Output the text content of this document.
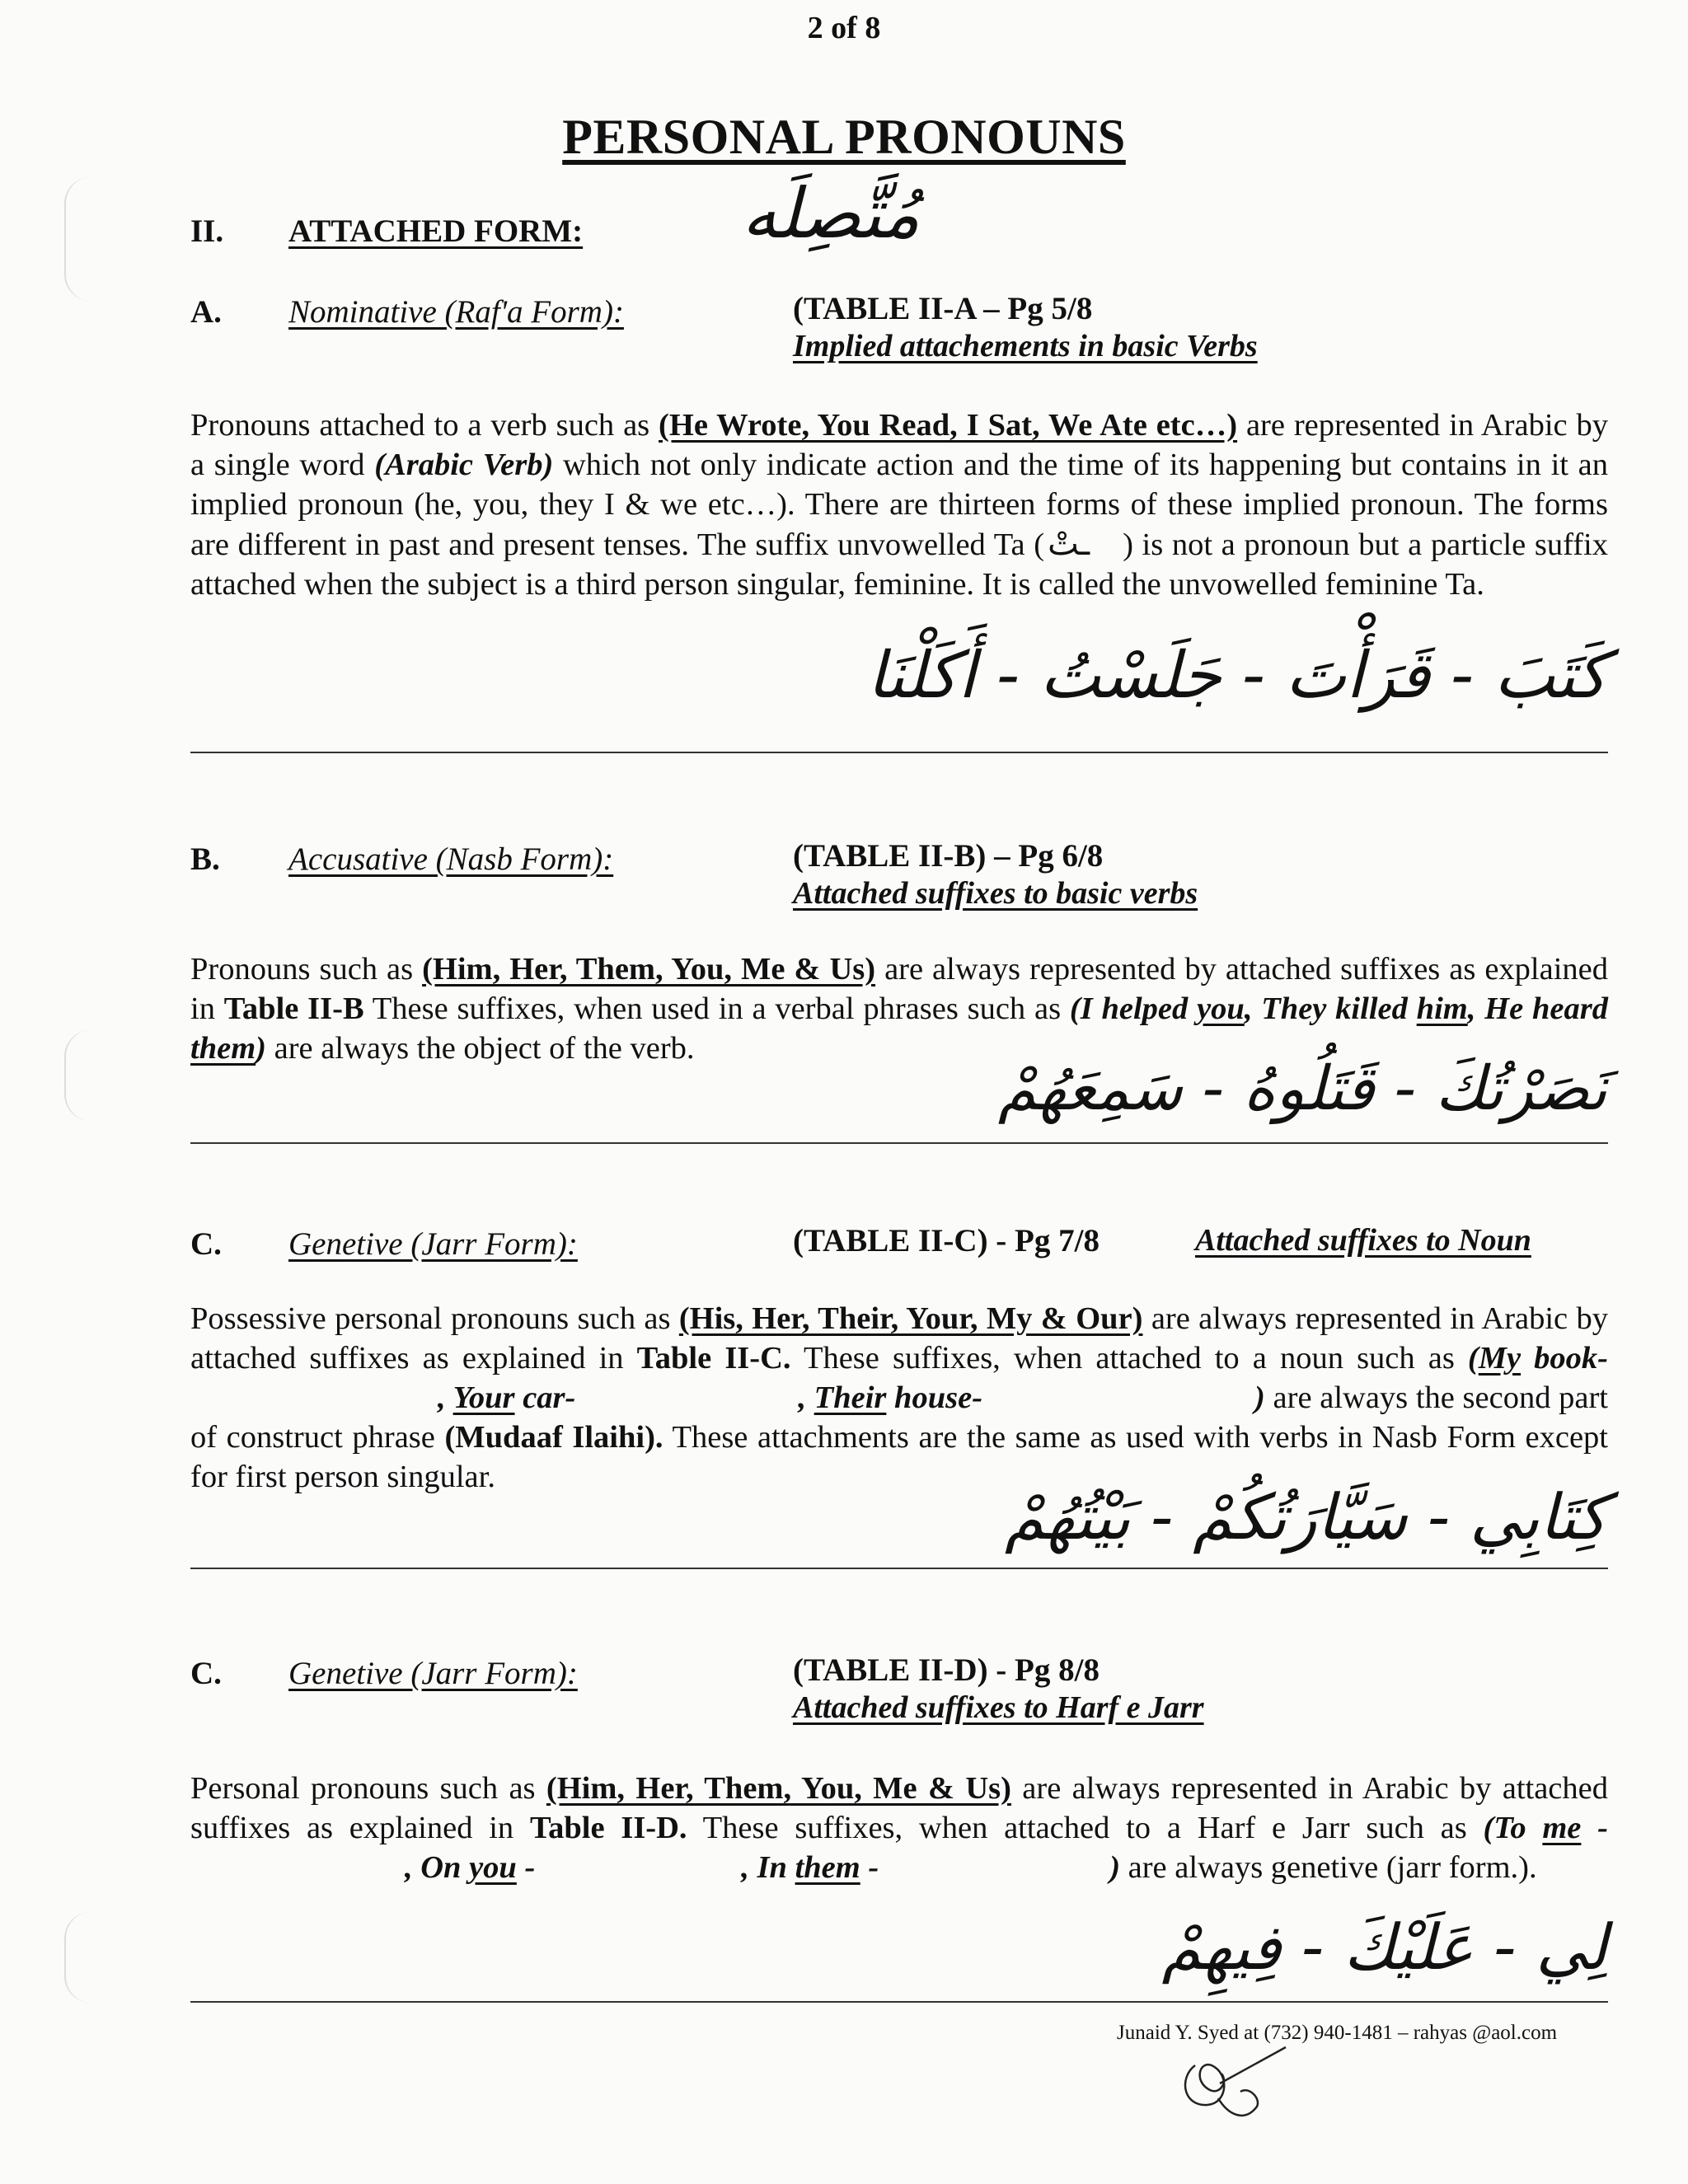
2 of 8
PERSONAL PRONOUNS
II. ATTACHED FORM: مُتَّصِلَه
A. Nominative (Raf'a Form):	(TABLE II-A – Pg 5/8
Implied attachements in basic Verbs

Pronouns attached to a verb such as (He Wrote, You Read, I Sat, We Ate etc…) are represented in Arabic by a single word (Arabic Verb) which not only indicate action and the time of its happening but contains in it an implied pronoun (he, you, they I & we etc…). There are thirteen forms of these implied pronoun. The forms are different in past and present tenses. The suffix unvowelled Ta ( ـتْ ) is not a pronoun but a particle suffix attached when the subject is a third person singular, feminine. It is called the unvowelled feminine Ta.

كَتَبَ - قَرَأْتَ - جَلَسْتُ - أَكَلْنَا
B. Accusative (Nasb Form):	(TABLE II-B) – Pg 6/8
Attached suffixes to basic verbs

Pronouns such as (Him, Her, Them, You, Me & Us) are always represented by attached suffixes as explained in Table II-B These suffixes, when used in a verbal phrases such as (I helped you, They killed him, He heard them) are always the object of the verb.

نَصَرْتُكَ - قَتَلُوهُ - سَمِعَهُمْ
C. Genetive (Jarr Form):	(TABLE II-C) - Pg 7/8	Attached suffixes to Noun

Possessive personal pronouns such as (His, Her, Their, Your, My & Our) are always represented in Arabic by attached suffixes as explained in Table II-C. These suffixes, when attached to a noun such as (My book-, Your car-	, Their house-	) are always the second part of construct phrase (Mudaaf Ilaihi). These attachments are the same as used with verbs in Nasb Form except for first person singular.

كِتَابِي - سَيَّارَتُكُمْ - بَيْتُهُمْ
C. Genetive (Jarr Form):	(TABLE II-D) - Pg 8/8
Attached suffixes to Harf e Jarr

Personal pronouns such as (Him, Her, Them, You, Me & Us) are always represented in Arabic by attached suffixes as explained in Table II-D. These suffixes, when attached to a Harf e Jarr such as (To me -, On you -	, In them -	) are always genetive (jarr form.).

لِي - عَلَيْكَ - فِيهِمْ
Junaid Y. Syed at (732) 940-1481 – rahyas @aol.com
